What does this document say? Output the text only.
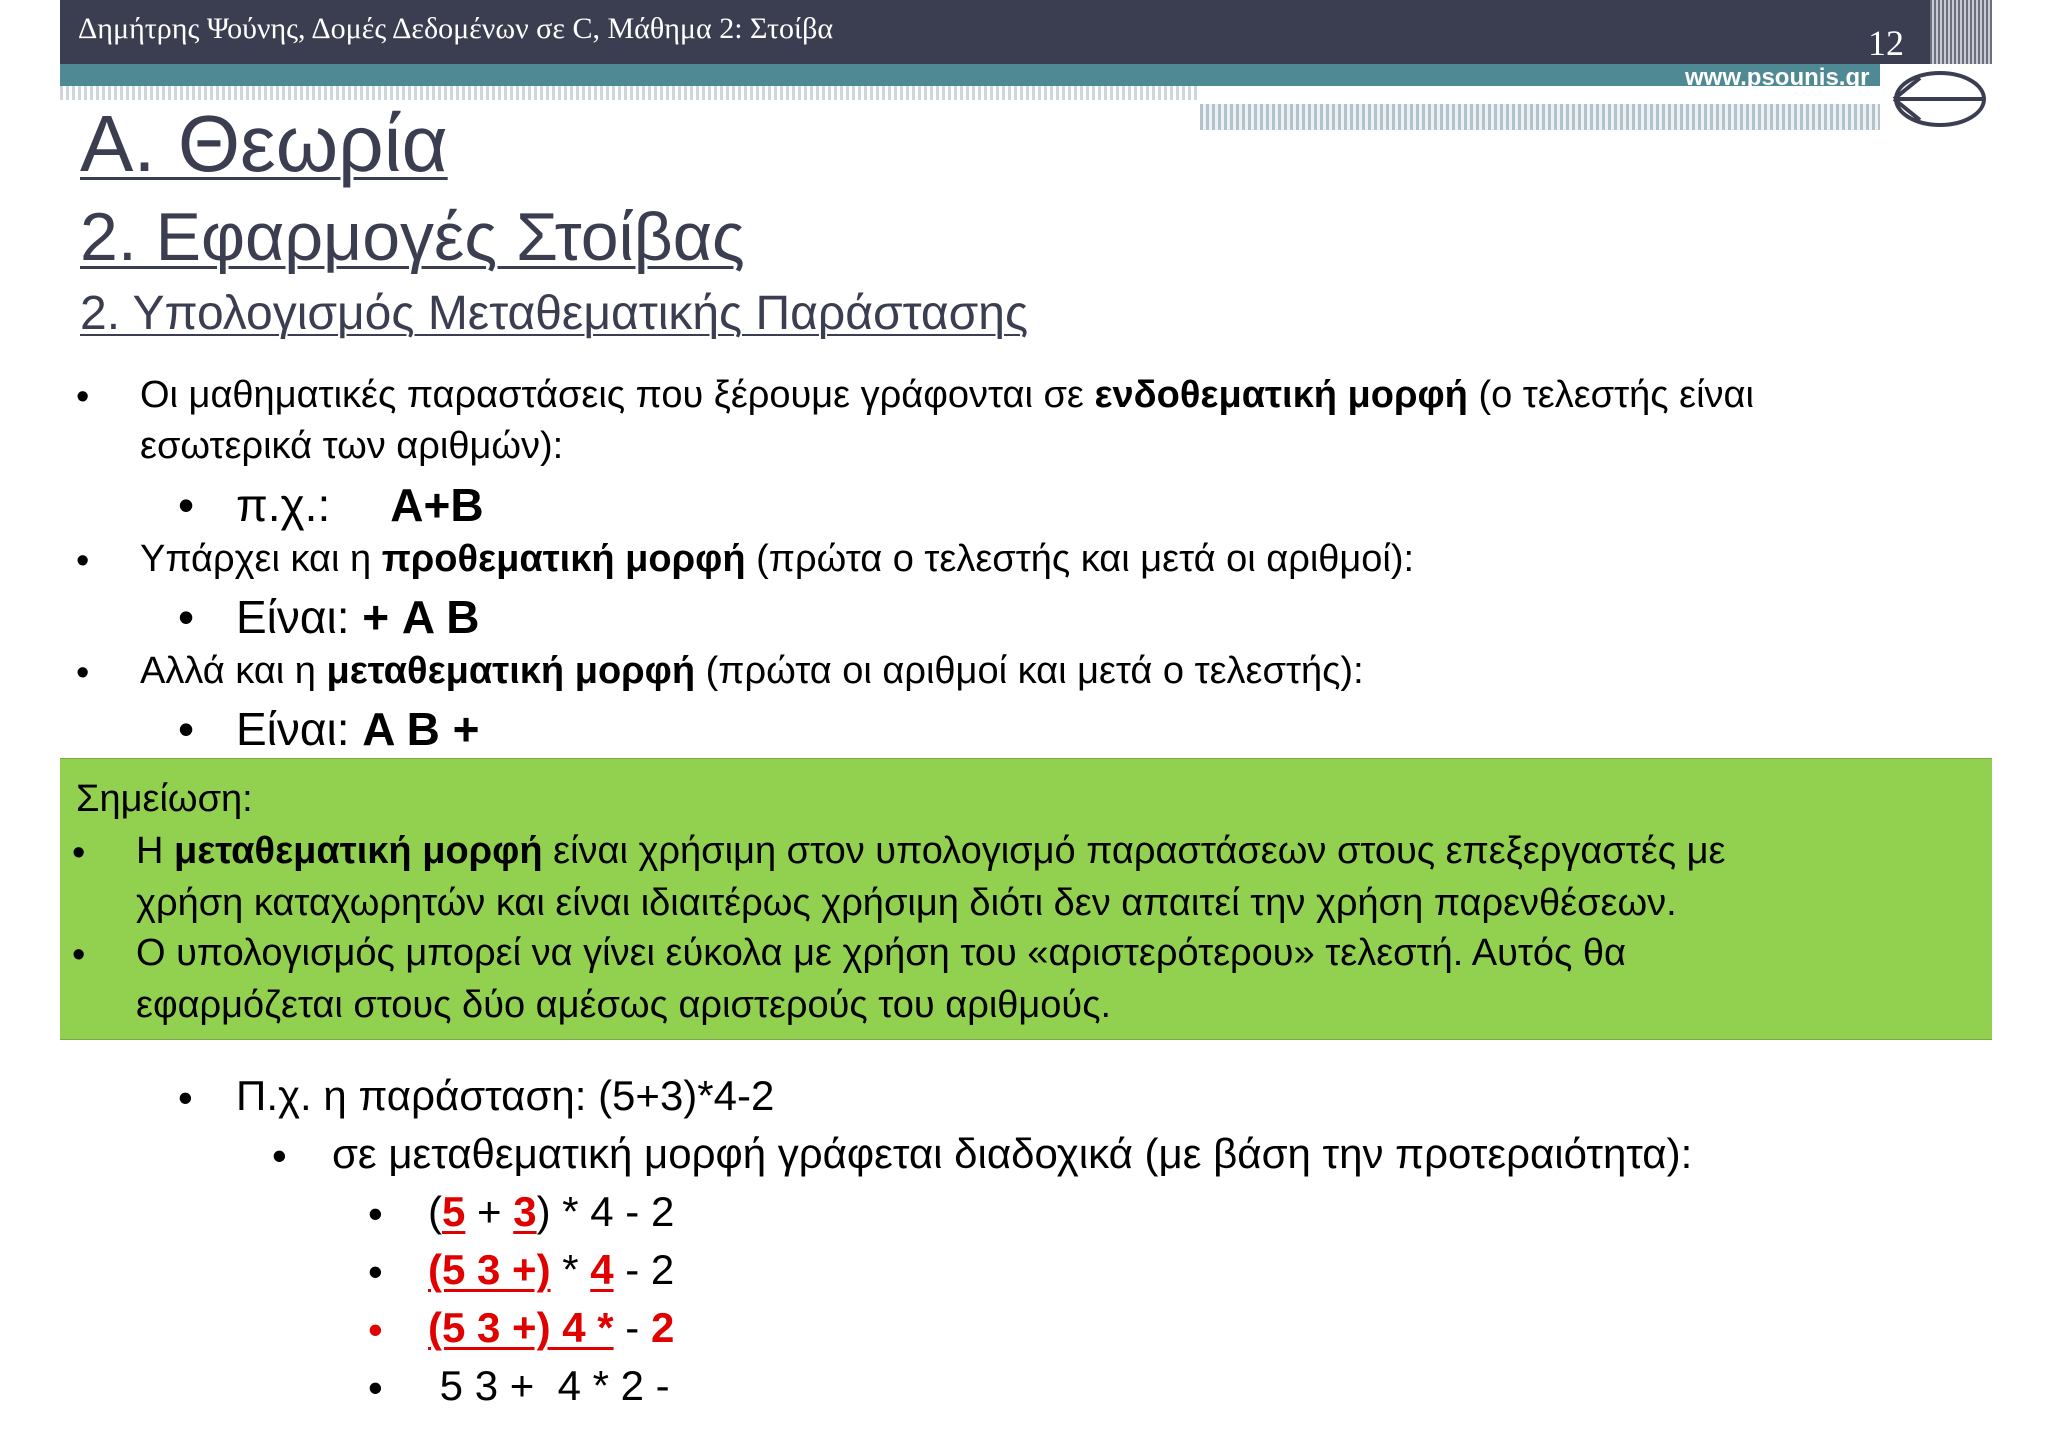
Δημήτρης Ψούνης, Δομές Δεδομένων σε C, Μάθημα 2: Στοίβα	12
www.psounis.gr
Α. Θεωρία
2. Εφαρμογές Στοίβας
2. Υπολογισμός Μεταθεματικής Παράστασης
• Οι μαθηματικές παραστάσεις που ξέρουμε γράφονται σε ενδοθεματική μορφή (ο τελεστής είναι
εσωτερικά των αριθμών):
• π.χ.: A+B
• Υπάρχει και η προθεματική μορφή (πρώτα ο τελεστής και μετά οι αριθμοί):
• Είναι: + A B
• Αλλά και η μεταθεματική μορφή (πρώτα οι αριθμοί και μετά ο τελεστής):
• Είναι: A B +
Σημείωση:
• Η μεταθεματική μορφή είναι χρήσιμη στον υπολογισμό παραστάσεων στους επεξεργαστές με
χρήση καταχωρητών και είναι ιδιαιτέρως χρήσιμη διότι δεν απαιτεί την χρήση παρενθέσεων.
• Ο υπολογισμός μπορεί να γίνει εύκολα με χρήση του «αριστερότερου» τελεστή. Αυτός θα
εφαρμόζεται στους δύο αμέσως αριστερούς του αριθμούς.
• Π.χ. η παράσταση: (5+3)*4-2
• σε μεταθεματική μορφή γράφεται διαδοχικά (με βάση την προτεραιότητα):
• (5 + 3) * 4 - 2
• (5 3 +) * 4 - 2
• (5 3 +) 4 * - 2
• 5 3 +  4 * 2 -
